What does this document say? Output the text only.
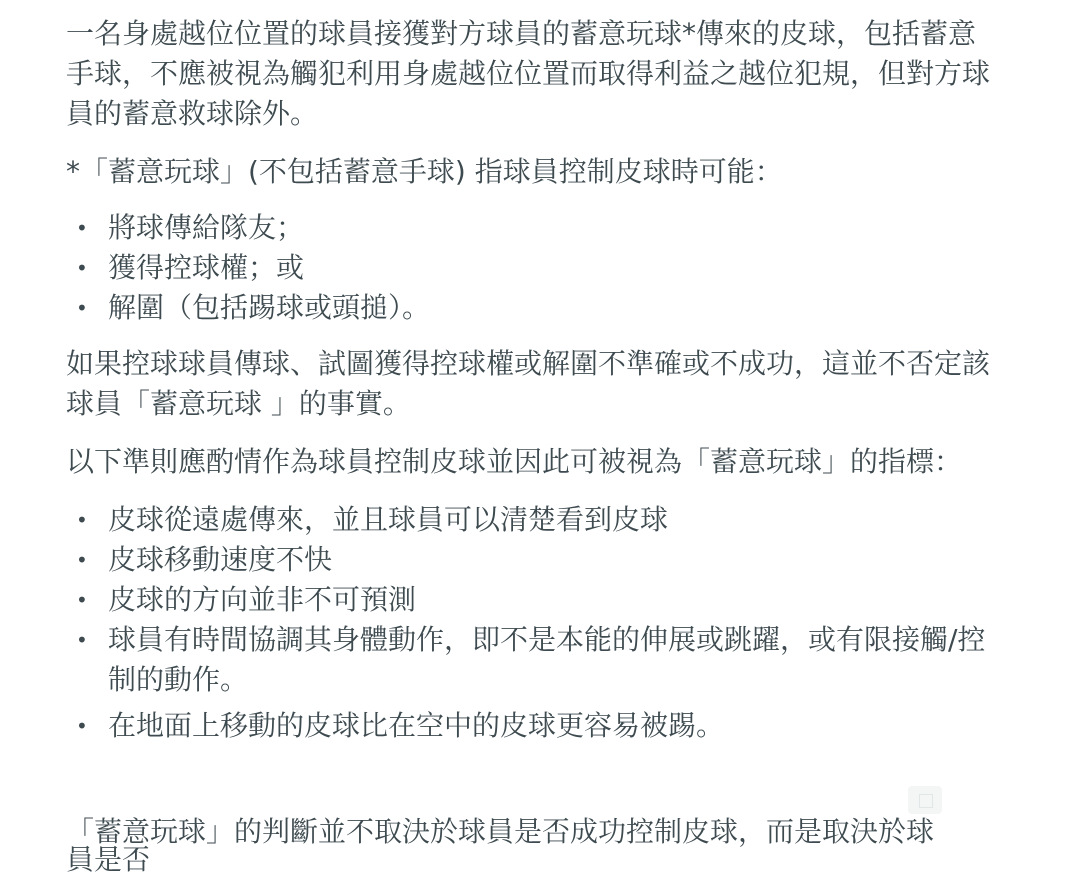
一名身處越位位置的球員接獲對方球員的蓄意玩球*傳來的皮球，包括蓄意手球，不應被視為觸犯利用身處越位位置而取得利益之越位犯規，但對方球員的蓄意救球除外。

*「蓄意玩球」(不包括蓄意手球) 指球員控制皮球時可能：

• 將球傳給隊友；
• 獲得控球權；或
• 解圍（包括踢球或頭搥）。

如果控球球員傳球、試圖獲得控球權或解圍不準確或不成功，這並不否定該球員「蓄意玩球 」的事實。

以下準則應酌情作為球員控制皮球並因此可被視為「蓄意玩球」的指標：

• 皮球從遠處傳來，並且球員可以清楚看到皮球
• 皮球移動速度不快
• 皮球的方向並非不可預測
• 球員有時間協調其身體動作，即不是本能的伸展或跳躍，或有限接觸/控制的動作。
• 在地面上移動的皮球比在空中的皮球更容易被踢。
「蓄意玩球」的判斷並不取決於球員是否成功控制皮球，而是取決於球員是否
